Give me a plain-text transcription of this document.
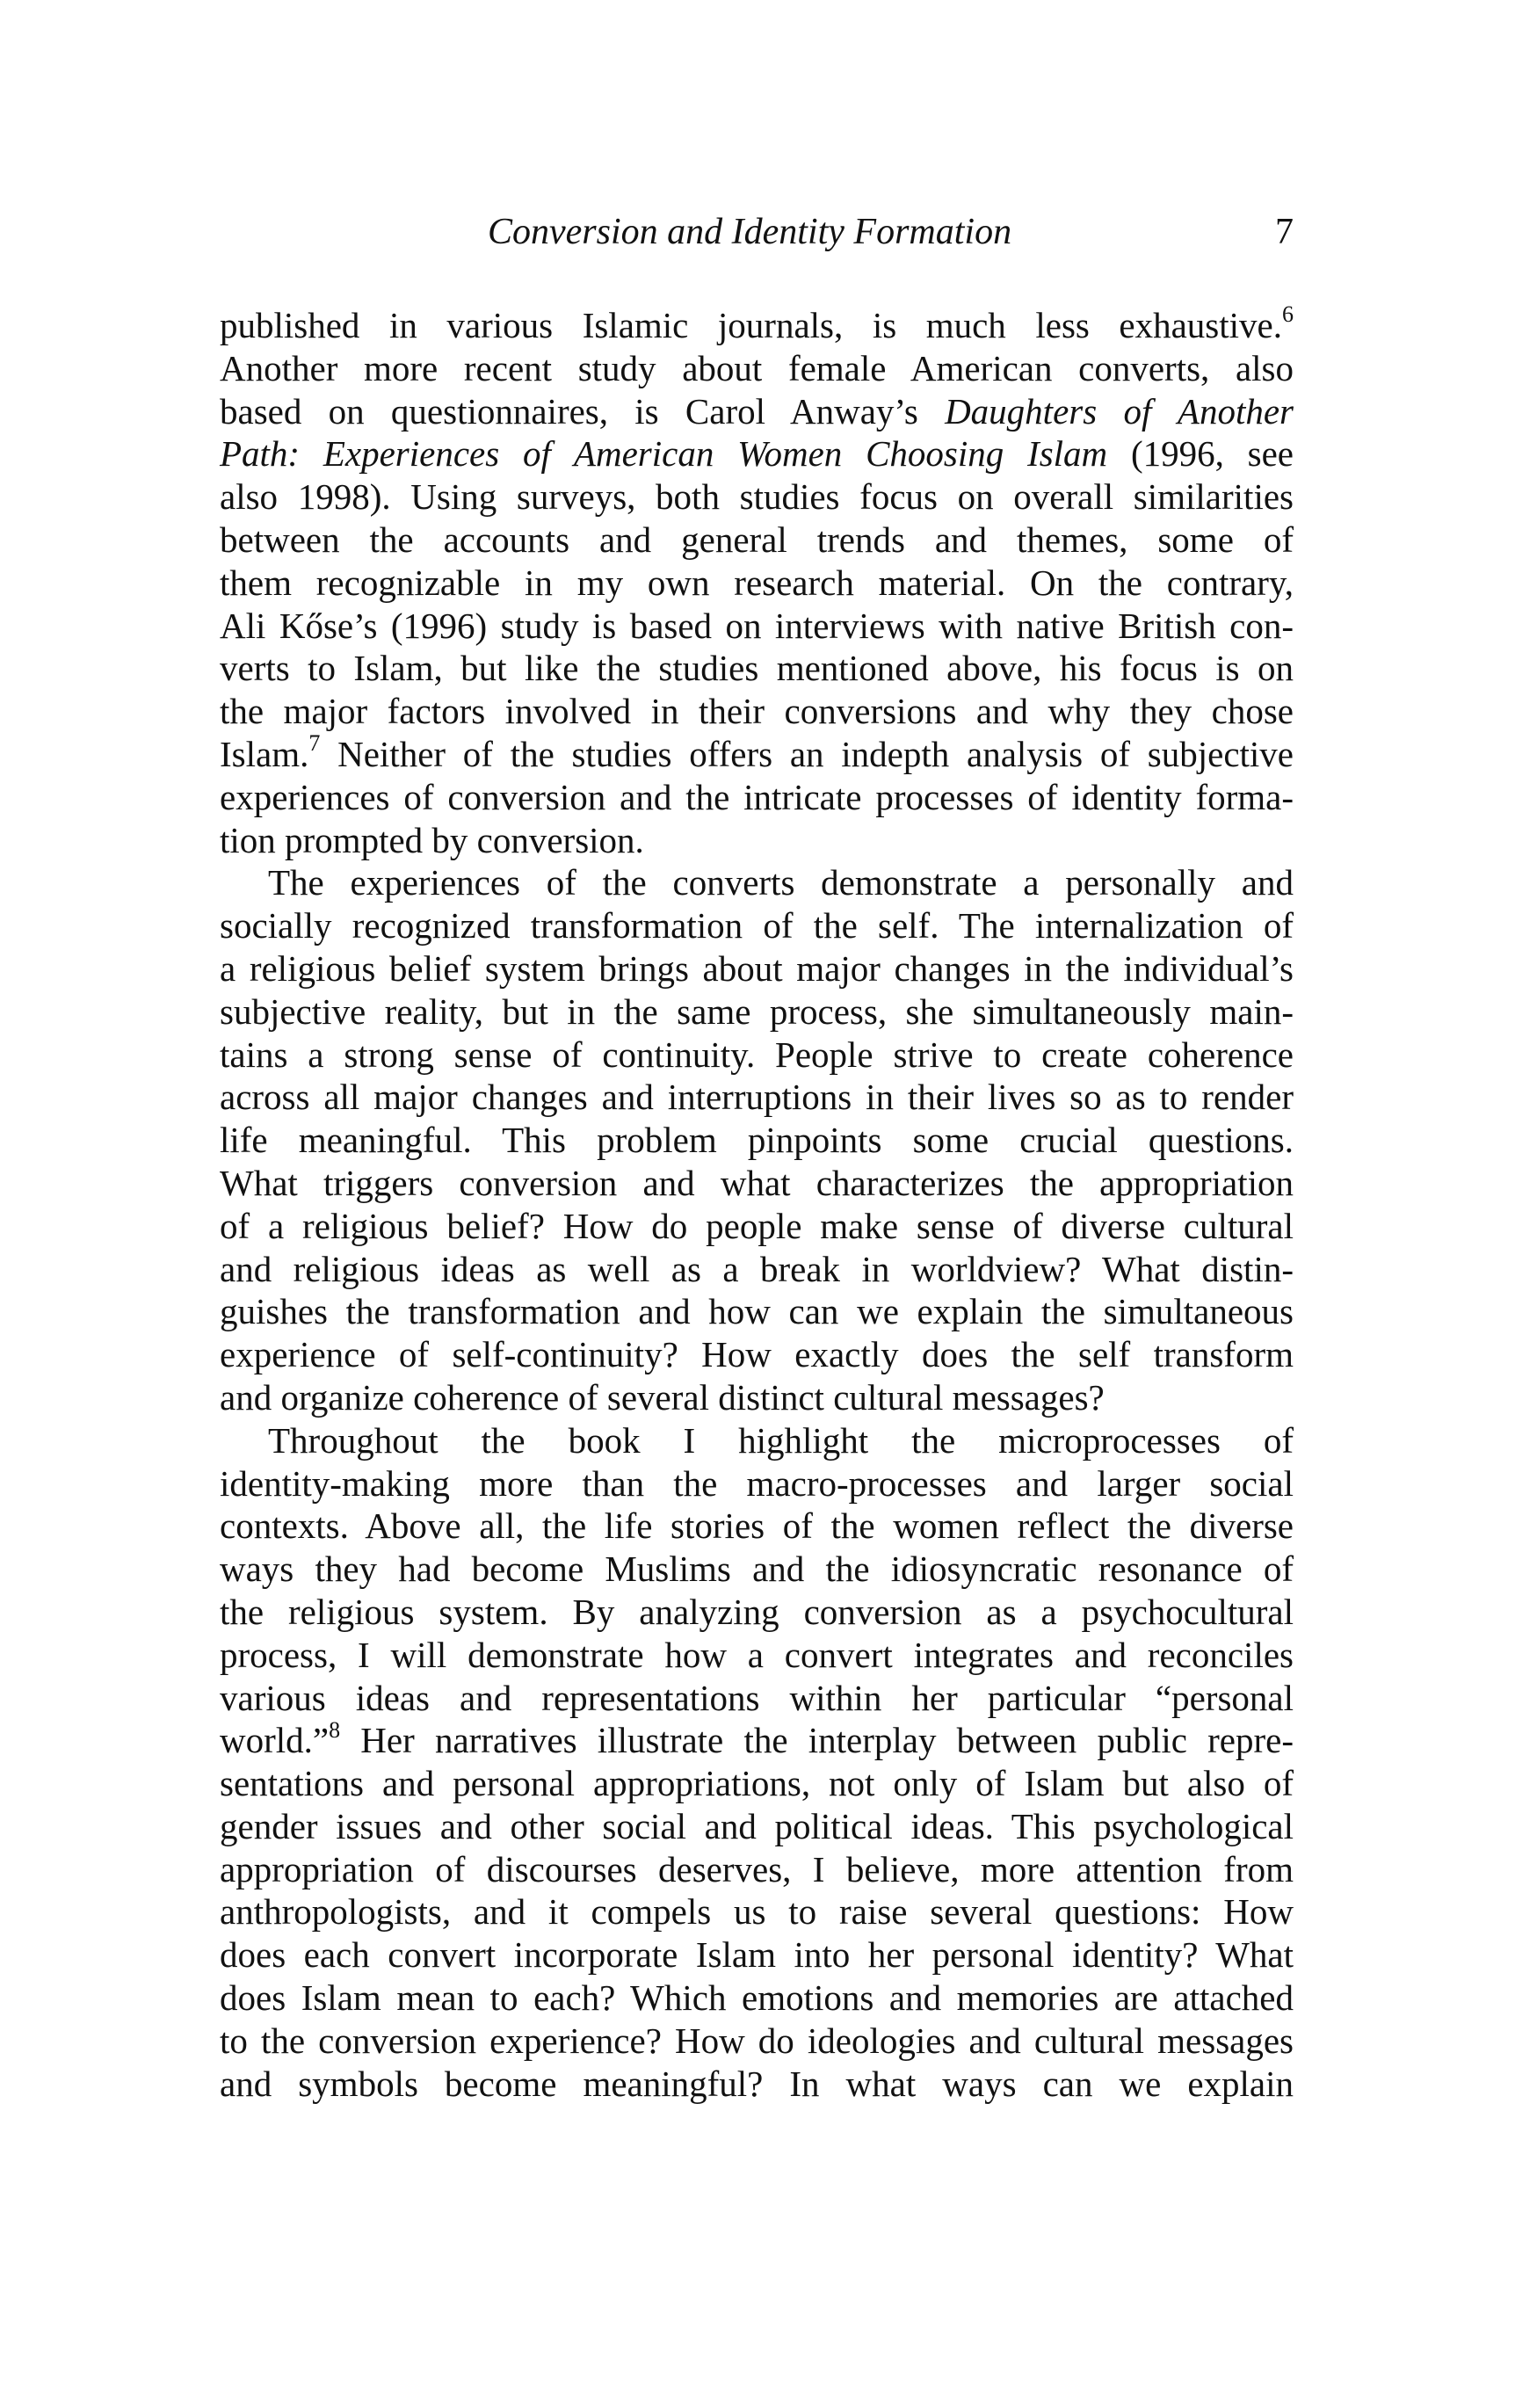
Conversion and Identity Formation	7
published in various Islamic journals, is much less exhaustive.$^6$
Another more recent study about female American converts, also
based on questionnaires, is Carol Anway’s Daughters of Another
Path: Experiences of American Women Choosing Islam (1996, see
also 1998). Using surveys, both studies focus on overall similarities
between the accounts and general trends and themes, some of
them recognizable in my own research material. On the contrary,
Ali Kőse’s (1996) study is based on interviews with native British con-
verts to Islam, but like the studies mentioned above, his focus is on
the major factors involved in their conversions and why they chose
Islam.$^7$ Neither of the studies offers an indepth analysis of subjective
experiences of conversion and the intricate processes of identity forma-
tion prompted by conversion.
The experiences of the converts demonstrate a personally and
socially recognized transformation of the self. The internalization of
a religious belief system brings about major changes in the individual’s
subjective reality, but in the same process, she simultaneously main-
tains a strong sense of continuity. People strive to create coherence
across all major changes and interruptions in their lives so as to render
life meaningful. This problem pinpoints some crucial questions.
What triggers conversion and what characterizes the appropriation
of a religious belief? How do people make sense of diverse cultural
and religious ideas as well as a break in worldview? What distin-
guishes the transformation and how can we explain the simultaneous
experience of self-continuity? How exactly does the self transform
and organize coherence of several distinct cultural messages?
Throughout the book I highlight the microprocesses of
identity-making more than the macro-processes and larger social
contexts. Above all, the life stories of the women reflect the diverse
ways they had become Muslims and the idiosyncratic resonance of
the religious system. By analyzing conversion as a psychocultural
process, I will demonstrate how a convert integrates and reconciles
various ideas and representations within her particular “personal
world.”$^8$ Her narratives illustrate the interplay between public repre-
sentations and personal appropriations, not only of Islam but also of
gender issues and other social and political ideas. This psychological
appropriation of discourses deserves, I believe, more attention from
anthropologists, and it compels us to raise several questions: How
does each convert incorporate Islam into her personal identity? What
does Islam mean to each? Which emotions and memories are attached
to the conversion experience? How do ideologies and cultural messages
and symbols become meaningful? In what ways can we explain
